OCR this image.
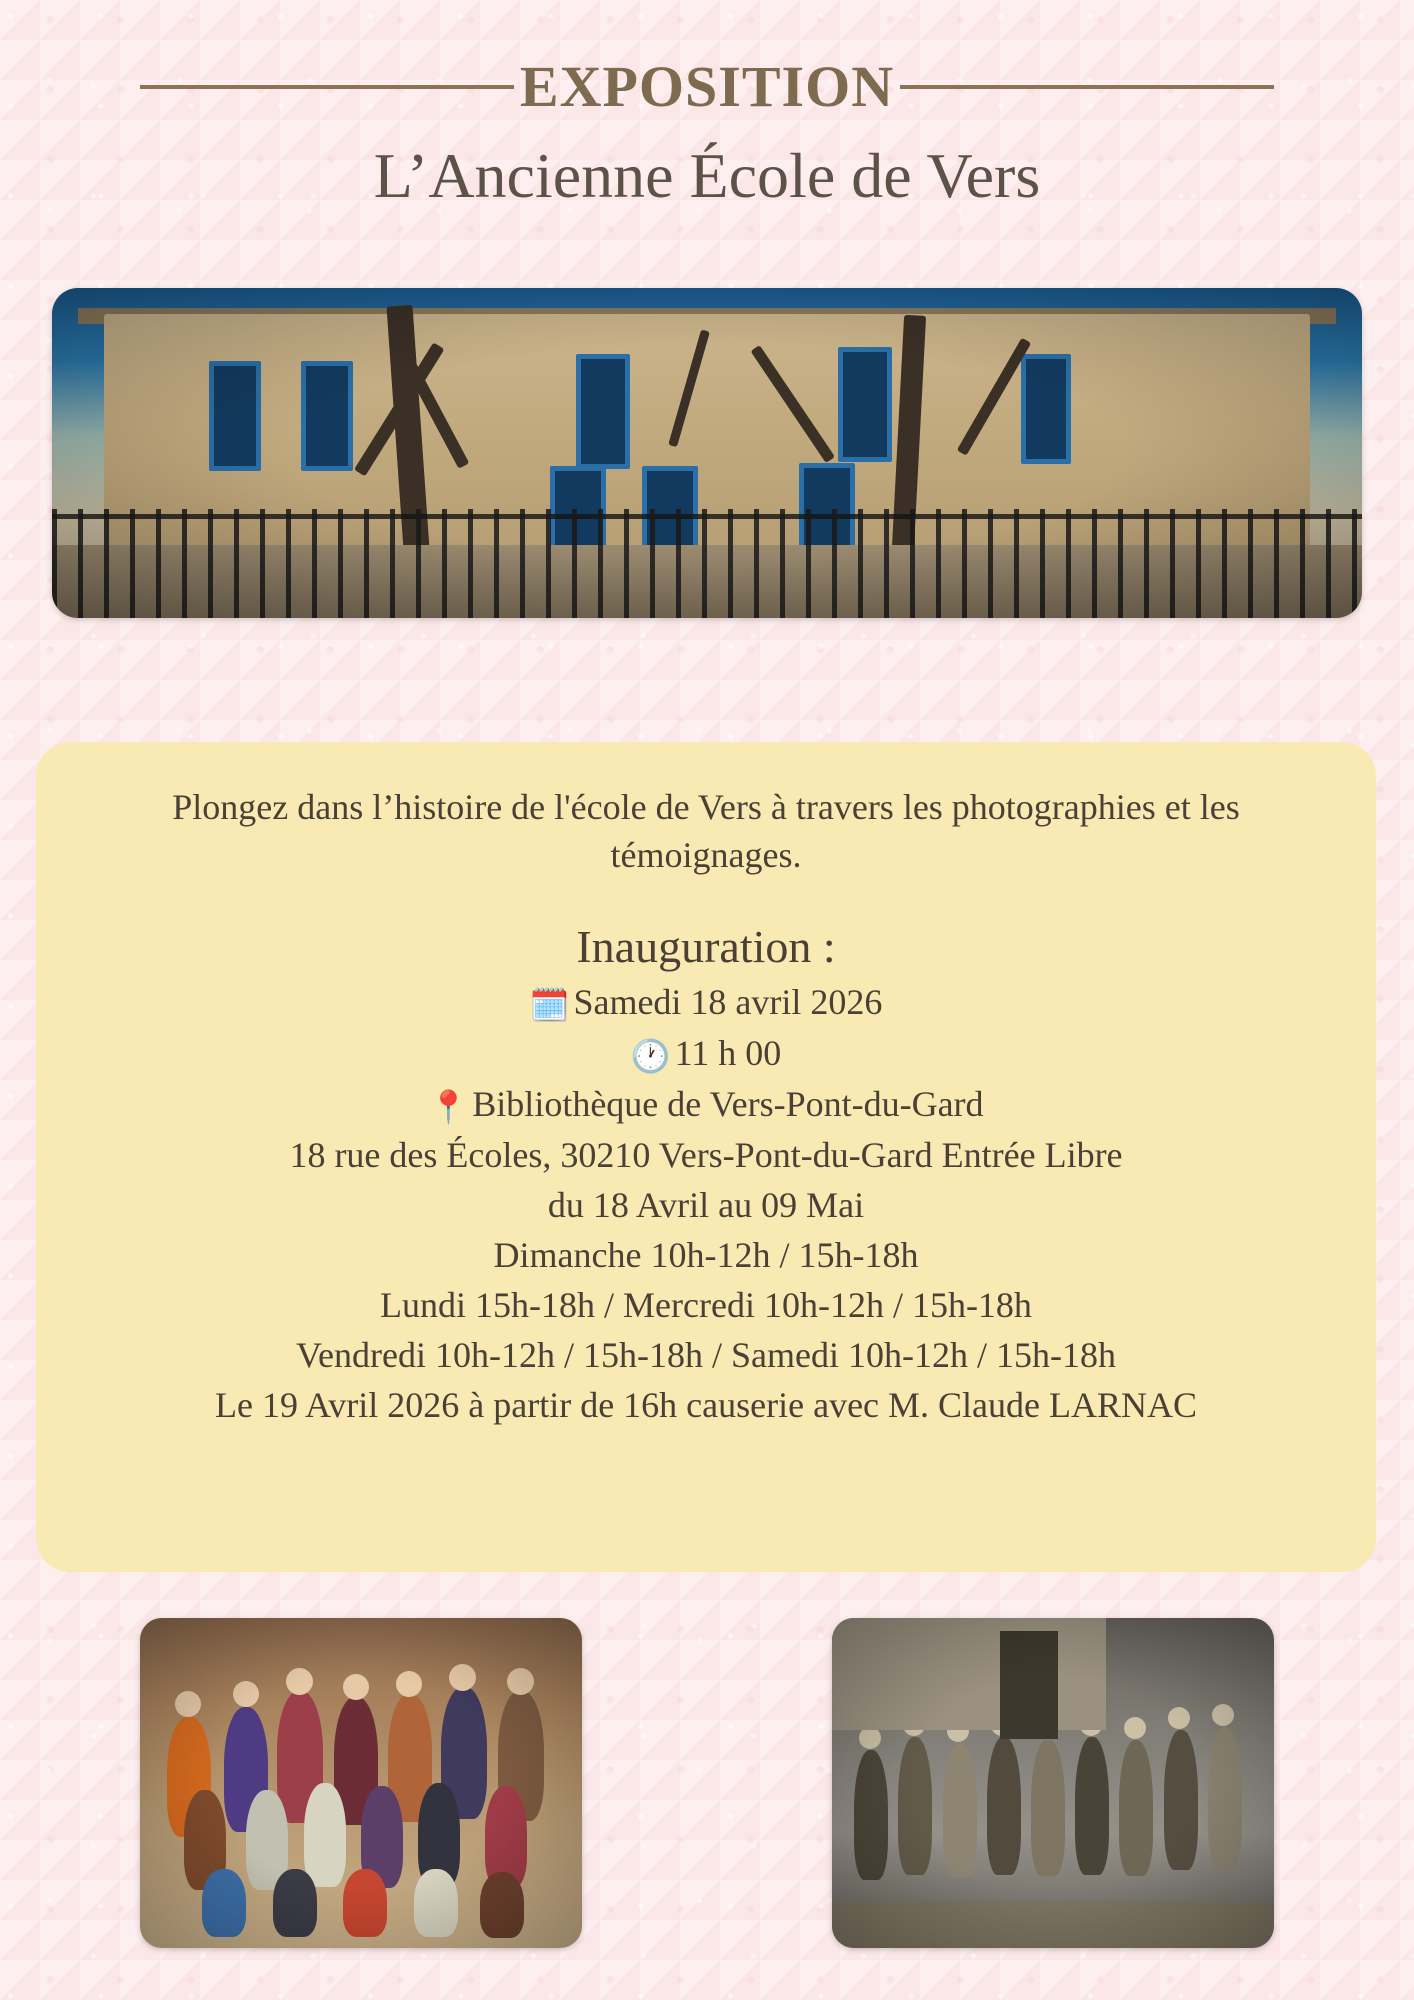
EXPOSITION
L’Ancienne École de Vers

Plongez dans l’histoire de l'école de Vers à travers les photographies et les témoignages.

Inauguration :
🗓️ Samedi 18 avril 2026
🕐 11 h 00
📍 Bibliothèque de Vers-Pont-du-Gard
18 rue des Écoles, 30210 Vers-Pont-du-Gard Entrée Libre
du 18 Avril au 09 Mai
Dimanche 10h-12h / 15h-18h
Lundi 15h-18h / Mercredi 10h-12h / 15h-18h
Vendredi 10h-12h / 15h-18h / Samedi 10h-12h / 15h-18h
Le 19 Avril 2026 à partir de 16h causerie avec M. Claude LARNAC
